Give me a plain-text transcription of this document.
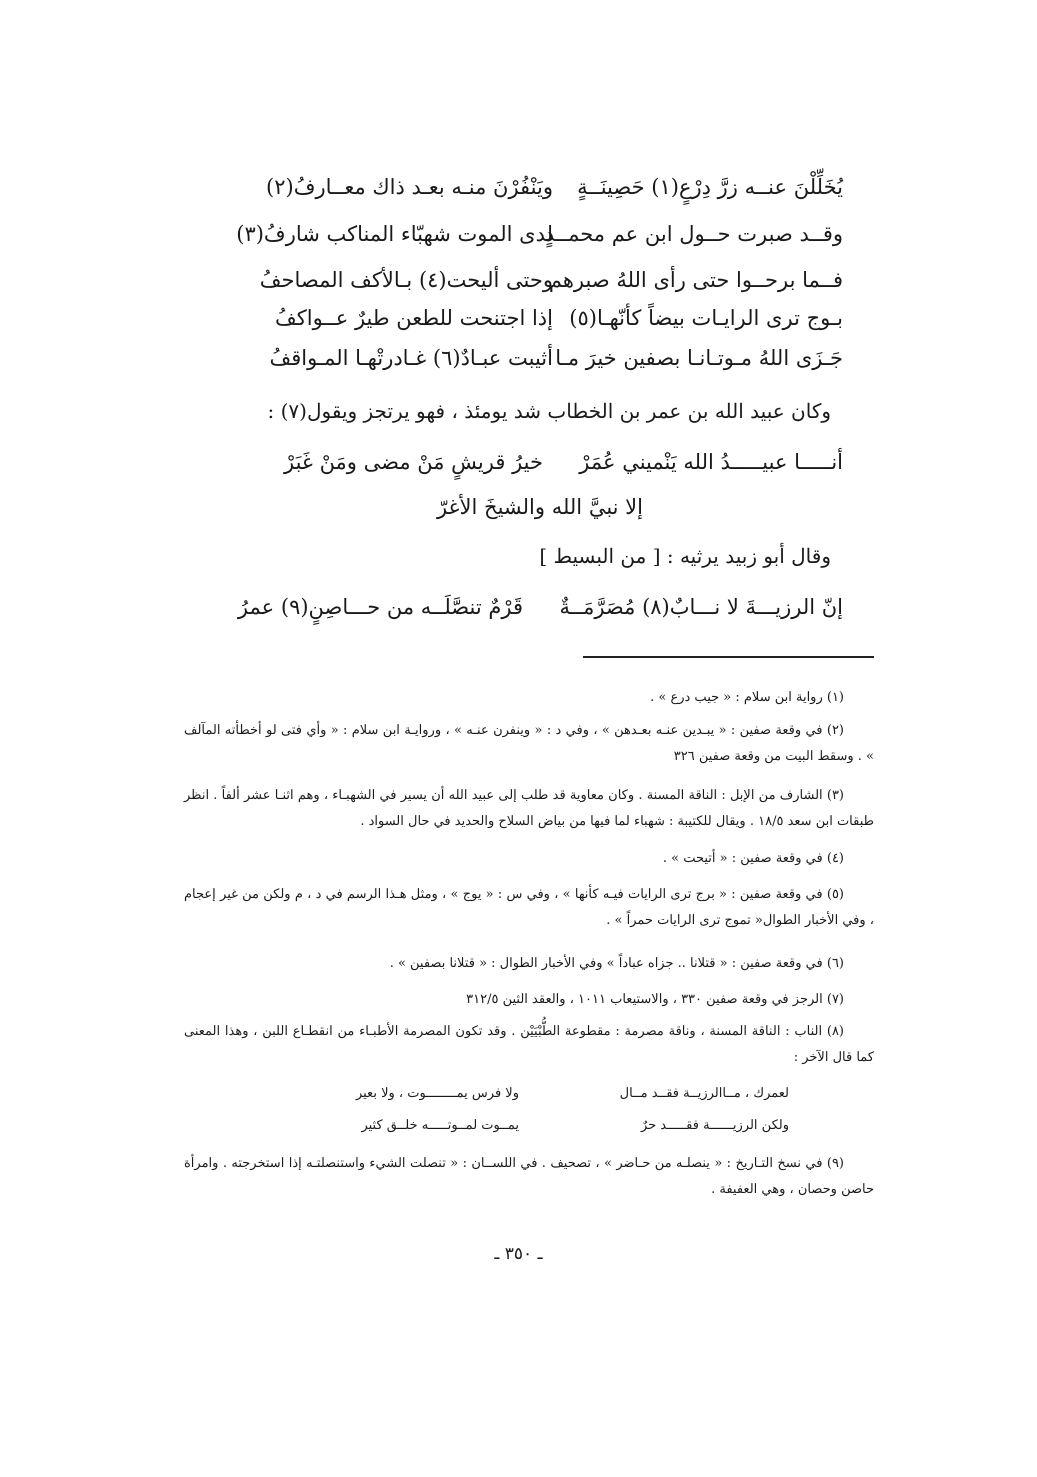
يُخَلِّلْنَ عنــه زرَّ دِرْعٍ(١) حَصِينَــةٍ
ويَنْفُرْنَ منـه بعـد ذاك معــارفُ(٢)
وقــد صبرت حــول ابن عم محمــدٍ
لدى الموت شهبّاء المناكب شارفُ(٣)
فــما برحــوا حتى رأى اللهُ صبرهم
وحتى أليحت(٤) بـالأكف المصاحفُ
بـوج ترى الرايـات بيضاً كأنّهـا(٥)
إذا اجتنحت للطعن طيرٌ عــواكفُ
جَـزَى اللهُ مـوتـانـا بصفين خيرَ مـا
أثيبت عبـادٌ(٦) غـادرتْهـا المـواقفُ
وكان عبيد الله بن عمر بن الخطاب شد يومئذ ، فهو يرتجز ويقول(٧) :
أنـــــا عبيـــــدُ الله يَنْميني عُمَرْ
خيرُ قريشٍ مَنْ مضى ومَنْ غَبَرْ
إلا نبيَّ الله والشيخَ الأغرّ
وقال أبو زبيد يرثيه : [ من البسيط ]
إنّ الرزيـــةَ لا نـــابٌ(٨) مُصَرَّمَــةٌ
قَرْمٌ تنصَّلَــه من حـــاصِنٍ(٩) عمرُ

(١) رواية ابن سلام : « جيب درع » .

(٢) في وقعة صفين : « يبـدين عنـه بعـدهن » ، وفي د : « وينفرن عنـه » ، وروايـة ابن سلام : « وأي فتى لو أخطأته المآلف » . وسقط البيت من وقعة صفين ٣٢٦

(٣) الشارف من الإبل : الناقة المسنة . وكان معاوية قد طلب إلى عبيد الله أن يسير في الشهبـاء ، وهم اثنـا عشر ألفاً . انظر طبقات ابن سعد ١٨/٥ . ويقال للكتيبة : شهباء لما فيها من بياض السلاح والحديد في حال السواد .

(٤) في وقعة صفين : « أتيحت » .

(٥) في وقعة صفين : « برج ترى الرايات فيـه كأنها » ، وفي س : « يوج » ، ومثل هـذا الرسم في د ، م ولكن من غير إعجام ، وفي الأخبار الطوال« تموج ترى الرايات حمراً » .

(٦) في وقعة صفين : « قتلانا .. جزاه عباداً » وفي الأخبار الطوال : « قتلانا بصفين » .

(٧) الرجز في وقعة صفين ٣٣٠ ، والاستيعاب ١٠١١ ، والعقد الثين ٣١٢/٥

(٨) الناب : الناقة المسنة ، وناقة مصرمة : مقطوعة الطُّبْيَيْن . وقد تكون المصرمة الأطبـاء من انقطـاع اللبن ، وهذا المعنى كما قال الآخر :

لعمرك ، مــاالرزيــة فقــد مــال
ولا فرس يمــــــــوت ، ولا بعير
ولكن الرزيــــــة فقـــــد حرٌ
يمــوت لمــوتـــــه خلــق كثير

(٩) في نسخ التـاريخ : « ينصلـه من حـاضر » ، تصحيف . في اللســان : « تنصلت الشيء واستنصلتـه إذا استخرجته . وامرأة حاصن وحصان ، وهي العفيفة .

ـ ٣٥٠ ـ
